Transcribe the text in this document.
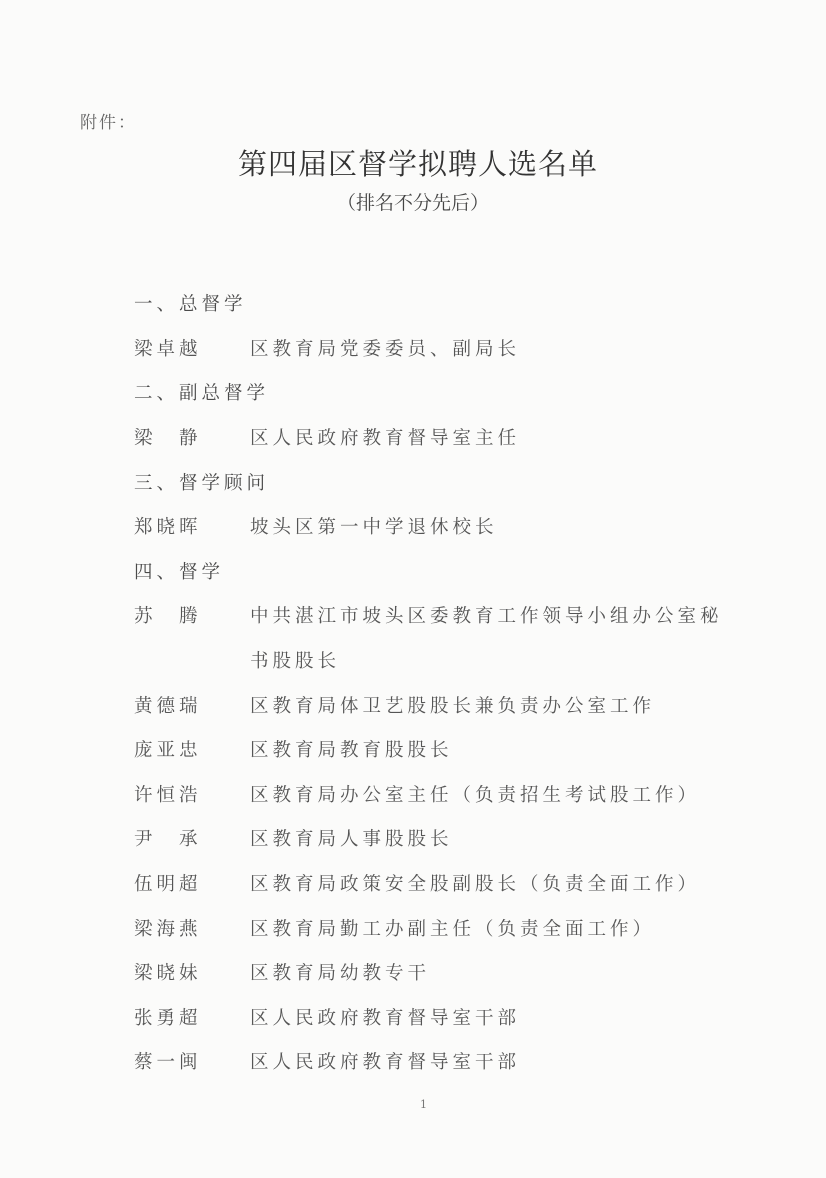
附件：
第四届区督学拟聘人选名单
（排名不分先后）
一、总督学
梁卓越	区教育局党委委员、副局长
二、副总督学
梁　静	区人民政府教育督导室主任
三、督学顾问
郑晓晖	坡头区第一中学退休校长
四、督学
苏　腾	中共湛江市坡头区委教育工作领导小组办公室秘
书股股长
黄德瑞	区教育局体卫艺股股长兼负责办公室工作
庞亚忠	区教育局教育股股长
许恒浩	区教育局办公室主任（负责招生考试股工作）
尹　承	区教育局人事股股长
伍明超	区教育局政策安全股副股长（负责全面工作）
梁海燕	区教育局勤工办副主任（负责全面工作）
梁晓妹	区教育局幼教专干
张勇超	区人民政府教育督导室干部
蔡一闽	区人民政府教育督导室干部
1
